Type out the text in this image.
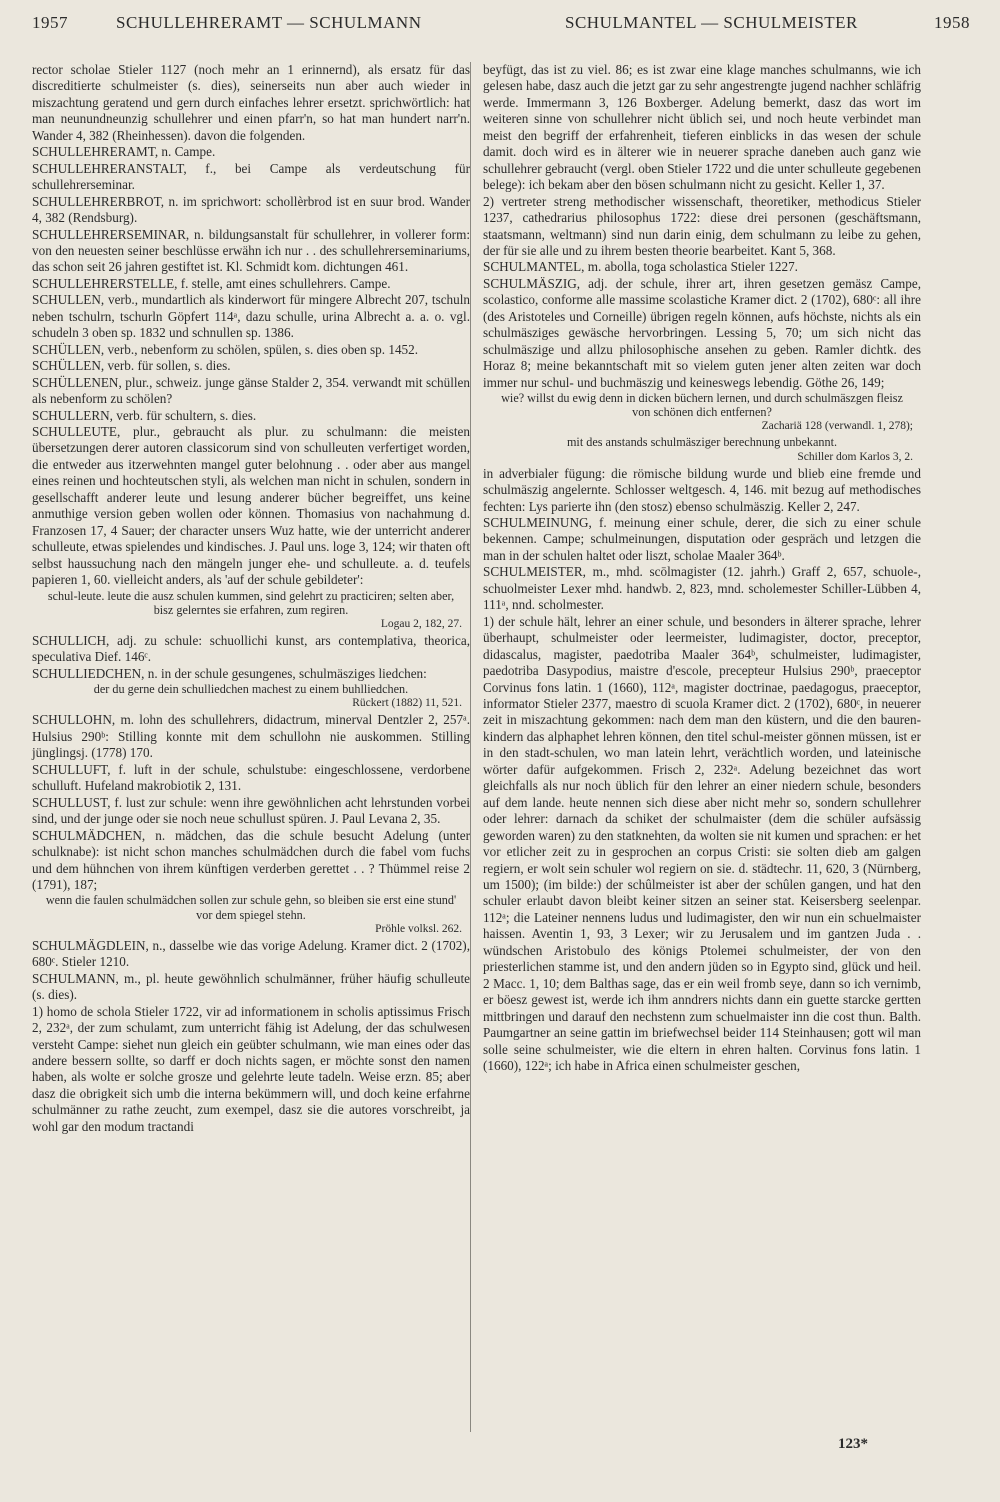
1957	SCHULLEHRERAMT — SCHULMANN	SCHULMANTEL — SCHULMEISTER	1958

rector scholae Stieler 1127 (noch mehr an 1 erinnernd), als ersatz für das discreditierte schulmeister (s. dies), seinerseits nun aber auch wieder in miszachtung geratend und gern durch einfaches lehrer ersetzt. sprichwörtlich: hat man neunundneunzig schullehrer und einen pfarr'n, so hat man hundert narr'n. Wander 4, 382 (Rheinhessen). davon die folgenden.

SCHULLEHRERAMT, n. Campe.

SCHULLEHRERANSTALT, f., bei Campe als verdeutschung für schullehrerseminar.

SCHULLEHRERBROT, n. im sprichwort: schollèrbrod ist en suur brod. Wander 4, 382 (Rendsburg).

SCHULLEHRERSEMINAR, n. bildungsanstalt für schullehrer, in vollerer form: von den neuesten seiner beschlüsse erwähn ich nur . . des schullehrerseminariums, das schon seit 26 jahren gestiftet ist. Kl. Schmidt kom. dichtungen 461.

SCHULLEHRERSTELLE, f. stelle, amt eines schullehrers. Campe.

SCHULLEN, verb., mundartlich als kinderwort für mingere Albrecht 207, tschuln neben tschulrn, tschurln Göpfert 114ᵃ, dazu schulle, urina Albrecht a. a. o. vgl. schudeln 3 oben sp. 1832 und schnullen sp. 1386.

SCHÜLLEN, verb., nebenform zu schölen, spülen, s. dies oben sp. 1452.

SCHÜLLEN, verb. für sollen, s. dies.

SCHÜLLENEN, plur., schweiz. junge gänse Stalder 2, 354. verwandt mit schüllen als nebenform zu schölen?

SCHULLERN, verb. für schultern, s. dies.

SCHULLEUTE, plur., gebraucht als plur. zu schulmann: die meisten übersetzungen derer autoren classicorum sind von schulleuten verfertiget worden, die entweder aus itzerwehnten mangel guter belohnung . . oder aber aus mangel eines reinen und hochteutschen styli, als welchen man nicht in schulen, sondern in gesellschafft anderer leute und lesung anderer bücher begreiffet, uns keine anmuthige version geben wollen oder können. Thomasius von nachahmung d. Franzosen 17, 4 Sauer; der character unsers Wuz hatte, wie der unterricht anderer schulleute, etwas spielendes und kindisches. J. Paul uns. loge 3, 124; wir thaten oft selbst haussuchung nach den mängeln junger ehe- und schulleute. a. d. teufels papieren 1, 60. vielleicht anders, als 'auf der schule gebildeter':

schul-leute. leute die ausz schulen kummen, sind gelehrt zu practiciren; selten aber, bisz gelerntes sie erfahren, zum regiren.

Logau 2, 182, 27.

SCHULLICH, adj. zu schule: schuollichi kunst, ars contemplativa, theorica, speculativa Dief. 146ᶜ.

SCHULLIEDCHEN, n. in der schule gesungenes, schulmäsziges liedchen:

der du gerne dein schulliedchen machest zu einem buhlliedchen.

Rückert (1882) 11, 521.

SCHULLOHN, m. lohn des schullehrers, didactrum, minerval Dentzler 2, 257ᵃ. Hulsius 290ᵇ: Stilling konnte mit dem schullohn nie auskommen. Stilling jünglingsj. (1778) 170.

SCHULLUFT, f. luft in der schule, schulstube: eingeschlossene, verdorbene schulluft. Hufeland makrobiotik 2, 131.

SCHULLUST, f. lust zur schule: wenn ihre gewöhnlichen acht lehrstunden vorbei sind, und der junge oder sie noch neue schullust spüren. J. Paul Levana 2, 35.

SCHULMÄDCHEN, n. mädchen, das die schule besucht Adelung (unter schulknabe): ist nicht schon manches schulmädchen durch die fabel vom fuchs und dem hühnchen von ihrem künftigen verderben gerettet . . ? Thümmel reise 2 (1791), 187;

wenn die faulen schulmädchen sollen zur schule gehn, so bleiben sie erst eine stund' vor dem spiegel stehn.

Pröhle volksl. 262.

SCHULMÄGDLEIN, n., dasselbe wie das vorige Adelung. Kramer dict. 2 (1702), 680ᶜ. Stieler 1210.

SCHULMANN, m., pl. heute gewöhnlich schulmänner, früher häufig schulleute (s. dies).

1) homo de schola Stieler 1722, vir ad informationem in scholis aptissimus Frisch 2, 232ᵃ, der zum schulamt, zum unterricht fähig ist Adelung, der das schulwesen versteht Campe: siehet nun gleich ein geübter schulmann, wie man eines oder das andere bessern sollte, so darff er doch nichts sagen, er möchte sonst den namen haben, als wolte er solche grosze und gelehrte leute tadeln. Weise erzn. 85; aber dasz die obrigkeit sich umb die interna bekümmern will, und doch keine erfahrne schulmänner zu rathe zeucht, zum exempel, dasz sie die autores vorschreibt, ja wohl gar den modum tractandi

beyfügt, das ist zu viel. 86; es ist zwar eine klage manches schulmanns, wie ich gelesen habe, dasz auch die jetzt gar zu sehr angestrengte jugend nachher schläfrig werde. Immermann 3, 126 Boxberger. Adelung bemerkt, dasz das wort im weiteren sinne von schullehrer nicht üblich sei, und noch heute verbindet man meist den begriff der erfahrenheit, tieferen einblicks in das wesen der schule damit. doch wird es in älterer wie in neuerer sprache daneben auch ganz wie schullehrer gebraucht (vergl. oben Stieler 1722 und die unter schulleute gegebenen belege): ich bekam aber den bösen schulmann nicht zu gesicht. Keller 1, 37.

2) vertreter streng methodischer wissenschaft, theoretiker, methodicus Stieler 1237, cathedrarius philosophus 1722: diese drei personen (geschäftsmann, staatsmann, weltmann) sind nun darin einig, dem schulmann zu leibe zu gehen, der für sie alle und zu ihrem besten theorie bearbeitet. Kant 5, 368.

SCHULMANTEL, m. abolla, toga scholastica Stieler 1227.

SCHULMÄSZIG, adj. der schule, ihrer art, ihren gesetzen gemäsz Campe, scolastico, conforme alle massime scolastiche Kramer dict. 2 (1702), 680ᶜ: all ihre (des Aristoteles und Corneille) übrigen regeln können, aufs höchste, nichts als ein schulmäsziges gewäsche hervorbringen. Lessing 5, 70; um sich nicht das schulmäszige und allzu philosophische ansehen zu geben. Ramler dichtk. des Horaz 8; meine bekanntschaft mit so vielem guten jener alten zeiten war doch immer nur schul- und buchmäszig und keineswegs lebendig. Göthe 26, 149;

wie? willst du ewig denn in dicken büchern lernen, und durch schulmäszgen fleisz von schönen dich entfernen?

Zachariä 128 (verwandl. 1, 278);

mit des anstands schulmäsziger berechnung unbekannt.

Schiller dom Karlos 3, 2.

in adverbialer fügung: die römische bildung wurde und blieb eine fremde und schulmäszig angelernte. Schlosser weltgesch. 4, 146. mit bezug auf methodisches fechten: Lys parierte ihn (den stosz) ebenso schulmäszig. Keller 2, 247.

SCHULMEINUNG, f. meinung einer schule, derer, die sich zu einer schule bekennen. Campe; schulmeinungen, disputation oder gespräch und letzgen die man in der schulen haltet oder liszt, scholae Maaler 364ᵇ.

SCHULMEISTER, m., mhd. scōlmagister (12. jahrh.) Graff 2, 657, schuole-, schuolmeister Lexer mhd. handwb. 2, 823, mnd. scholemester Schiller-Lübben 4, 111ᵃ, nnd. scholmester.

1) der schule hält, lehrer an einer schule, und besonders in älterer sprache, lehrer überhaupt, schulmeister oder leermeister, ludimagister, doctor, preceptor, didascalus, magister, paedotriba Maaler 364ᵇ, schulmeister, ludimagister, paedotriba Dasypodius, maistre d'escole, precepteur Hulsius 290ᵇ, praeceptor Corvinus fons latin. 1 (1660), 112ᵃ, magister doctrinae, paedagogus, praeceptor, informator Stieler 2377, maestro di scuola Kramer dict. 2 (1702), 680ᶜ, in neuerer zeit in miszachtung gekommen: nach dem man den küstern, und die den bauren-kindern das alphaphet lehren können, den titel schul-meister gönnen müssen, ist er in den stadt-schulen, wo man latein lehrt, verächtlich worden, und lateinische wörter dafür aufgekommen. Frisch 2, 232ᵃ. Adelung bezeichnet das wort gleichfalls als nur noch üblich für den lehrer an einer niedern schule, besonders auf dem lande. heute nennen sich diese aber nicht mehr so, sondern schullehrer oder lehrer: darnach da schiket der schulmaister (dem die schüler aufsässig geworden waren) zu den statknehten, da wolten sie nit kumen und sprachen: er het vor etlicher zeit zu in gesprochen an corpus Cristi: sie solten dieb am galgen regiern, er wolt sein schuler wol regiern on sie. d. städtechr. 11, 620, 3 (Nürnberg, um 1500); (im bilde:) der schûlmeister ist aber der schûlen gangen, und hat den schuler erlaubt davon bleibt keiner sitzen an seiner stat. Keisersberg seelenpar. 112ᵃ; die Lateiner nennens ludus und ludimagister, den wir nun ein schuelmaister haissen. Aventin 1, 93, 3 Lexer; wir zu Jerusalem und im gantzen Juda . . wündschen Aristobulo des königs Ptolemei schulmeister, der von den priesterlichen stamme ist, und den andern jüden so in Egypto sind, glück und heil. 2 Macc. 1, 10; dem Balthas sage, das er ein weil fromb seye, dann so ich vernimb, er böesz gewest ist, werde ich ihm anndrers nichts dann ein guette starcke gertten mittbringen und darauf den nechstenn zum schuelmaister inn die cost thun. Balth. Paumgartner an seine gattin im briefwechsel beider 114 Steinhausen; gott wil man solle seine schulmeister, wie die eltern in ehren halten. Corvinus fons latin. 1 (1660), 122ᵃ; ich habe in Africa einen schulmeister geschen,

123*
